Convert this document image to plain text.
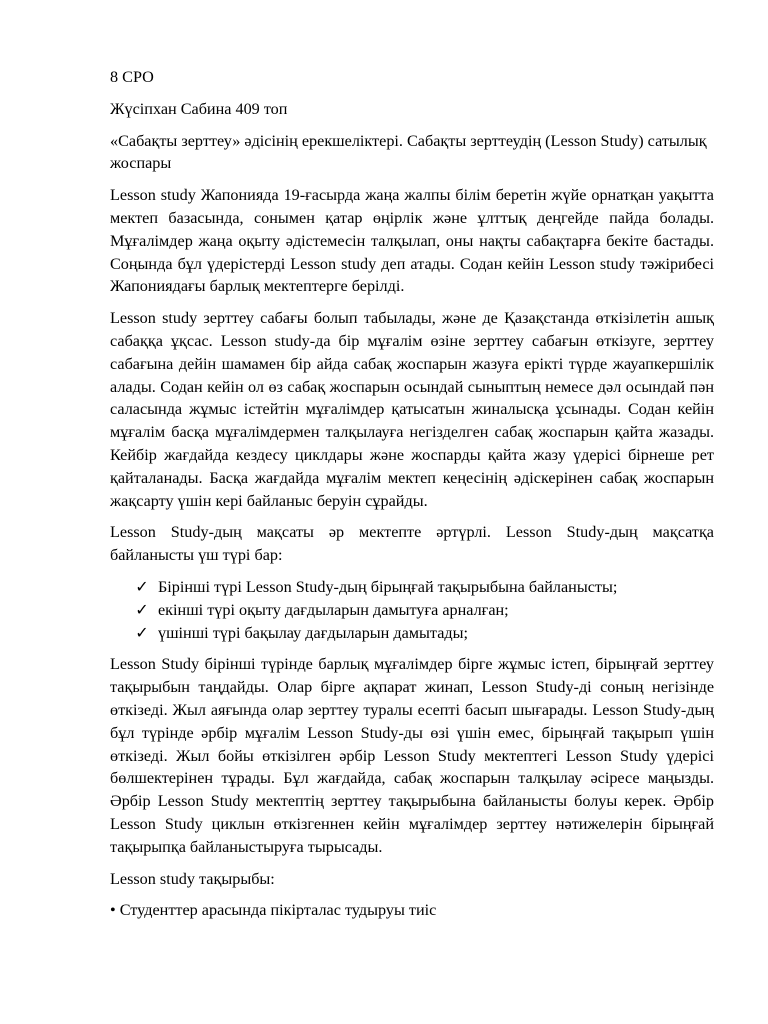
8 СРО

Жүсіпхан Сабина 409 топ

«Сабақты зерттеу» әдісінің ерекшеліктері. Сабақты зерттеудің (Lesson Study) сатылық жоспары

Lesson study Жапонияда 19-ғасырда жаңа жалпы білім беретін жүйе орнатқан уақытта мектеп базасында, сонымен қатар өңірлік және ұлттық деңгейде пайда болады. Мұғалімдер жаңа оқыту әдістемесін талқылап, оны нақты сабақтарға бекіте бастады. Соңында бұл үдерістерді Lesson study деп атады. Содан кейін Lesson study тәжірибесі Жапониядағы барлық мектептерге берілді.

Lesson study зерттеу сабағы болып табылады, және де Қазақстанда өткізілетін ашық сабаққа ұқсас. Lesson study-да бір мұғалім өзіне зерттеу сабағын өткізуге, зерттеу сабағына дейін шамамен бір айда сабақ жоспарын жазуға ерікті түрде жауапкершілік алады. Содан кейін ол өз сабақ жоспарын осындай сыныптың немесе дәл осындай пән саласында жұмыс істейтін мұғалімдер қатысатын жиналысқа ұсынады. Содан кейін мұғалім басқа мұғалімдермен талқылауға негізделген сабақ жоспарын қайта жазады. Кейбір жағдайда кездесу циклдары және жоспарды қайта жазу үдерісі бірнеше рет қайталанады. Басқа жағдайда мұғалім мектеп кеңесінің әдіскерінен сабақ жоспарын жақсарту үшін кері байланыс беруін сұрайды.

Lesson Study-дың мақсаты әр мектепте әртүрлі. Lesson Study-дың мақсатқа байланысты үш түрі бар:

✓ Бірінші түрі Lesson Study-дың бірыңғай тақырыбына байланысты;
✓ екінші түрі оқыту дағдыларын дамытуға арналған;
✓ үшінші түрі бақылау дағдыларын дамытады;

Lesson Study бірінші түрінде барлық мұғалімдер бірге жұмыс істеп, бірыңғай зерттеу тақырыбын таңдайды. Олар бірге ақпарат жинап, Lesson Study-ді соның негізінде өткізеді. Жыл аяғында олар зерттеу туралы есепті басып шығарады. Lesson Study-дың бұл түрінде әрбір мұғалім Lesson Study-ды өзі үшін емес, бірыңғай тақырып үшін өткізеді. Жыл бойы өткізілген әрбір Lesson Study мектептегі Lesson Study үдерісі бөлшектерінен тұрады. Бұл жағдайда, сабақ жоспарын талқылау әсіресе маңызды. Әрбір Lesson Study мектептің зерттеу тақырыбына байланысты болуы керек. Әрбір Lesson Study циклын өткізгеннен кейін мұғалімдер зерттеу нәтижелерін бірыңғай тақырыпқа байланыстыруға тырысады.

Lesson study тақырыбы:

• Студенттер арасында пікірталас тудыруы тиіс
